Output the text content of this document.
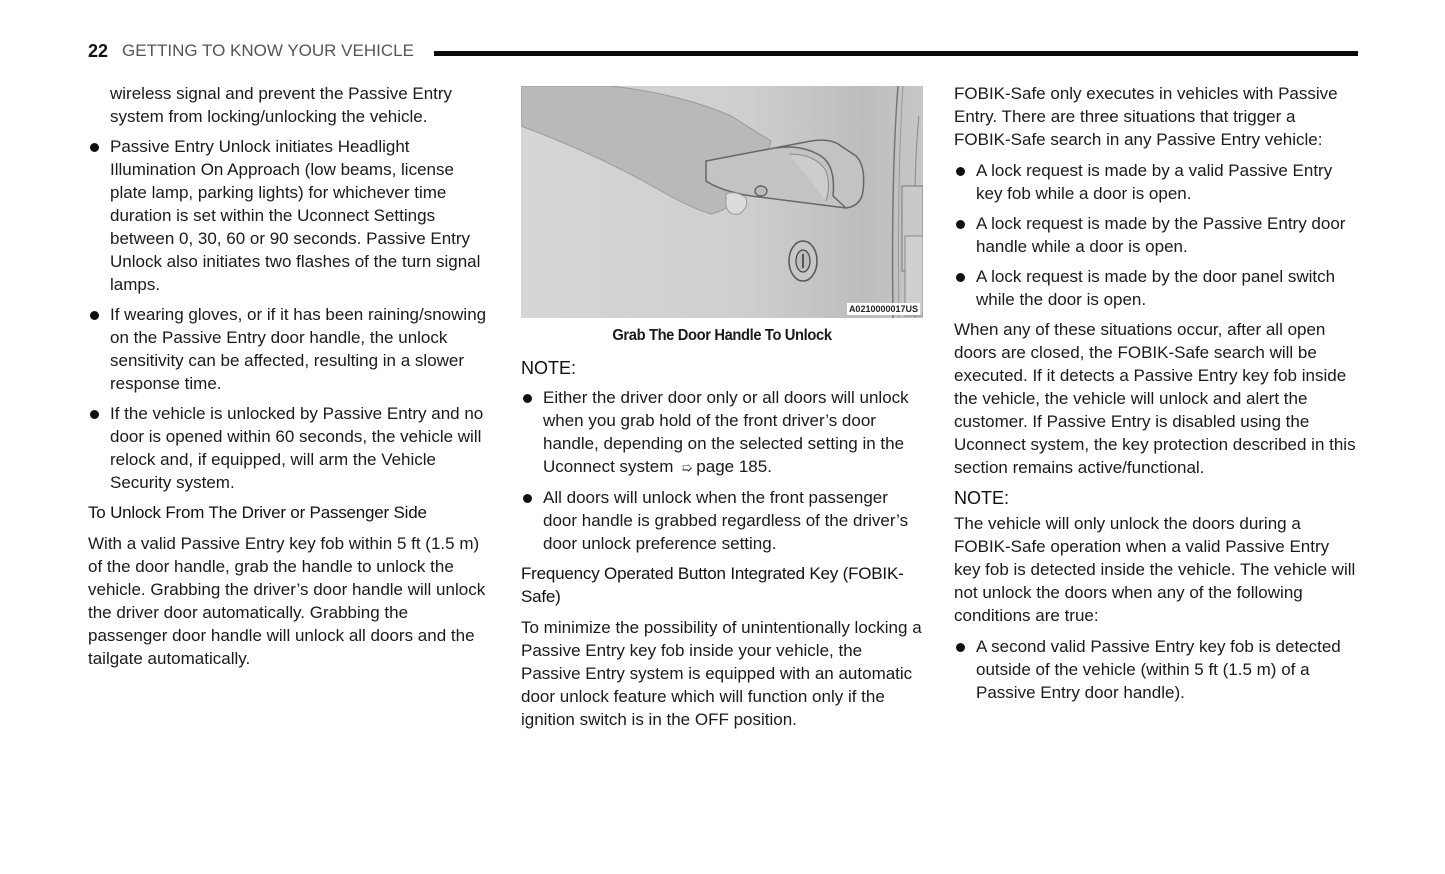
22 GETTING TO KNOW YOUR VEHICLE

wireless signal and prevent the Passive Entry system from locking/unlocking the vehicle.

Passive Entry Unlock initiates Headlight Illumination On Approach (low beams, license plate lamp, parking lights) for whichever time duration is set within the Uconnect Settings between 0, 30, 60 or 90 seconds. Passive Entry Unlock also initiates two flashes of the turn signal lamps.
If wearing gloves, or if it has been raining/snowing on the Passive Entry door handle, the unlock sensitivity can be affected, resulting in a slower response time.
If the vehicle is unlocked by Passive Entry and no door is opened within 60 seconds, the vehicle will relock and, if equipped, will arm the Vehicle Security system.
To Unlock From The Driver or Passenger Side

With a valid Passive Entry key fob within 5 ft (1.5 m) of the door handle, grab the handle to unlock the vehicle. Grabbing the driver’s door handle will unlock the driver door automatically. Grabbing the passenger door handle will unlock all doors and the tailgate automatically.

A0210000017US
Grab The Door Handle To Unlock
NOTE:
Either the driver door only or all doors will unlock when you grab hold of the front driver’s door handle, depending on the selected setting in the Uconnect system ➯ page 185.
All doors will unlock when the front passenger door handle is grabbed regardless of the driver’s door unlock preference setting.
Frequency Operated Button Integrated Key (FOBIK-Safe)

To minimize the possibility of unintentionally locking a Passive Entry key fob inside your vehicle, the Passive Entry system is equipped with an automatic door unlock feature which will function only if the ignition switch is in the OFF position.

FOBIK-Safe only executes in vehicles with Passive Entry. There are three situations that trigger a FOBIK-Safe search in any Passive Entry vehicle:

A lock request is made by a valid Passive Entry key fob while a door is open.
A lock request is made by the Passive Entry door handle while a door is open.
A lock request is made by the door panel switch while the door is open.

When any of these situations occur, after all open doors are closed, the FOBIK-Safe search will be executed. If it detects a Passive Entry key fob inside the vehicle, the vehicle will unlock and alert the customer. If Passive Entry is disabled using the Uconnect system, the key protection described in this section remains active/functional.

NOTE:

The vehicle will only unlock the doors during a FOBIK-Safe operation when a valid Passive Entry key fob is detected inside the vehicle. The vehicle will not unlock the doors when any of the following conditions are true:

A second valid Passive Entry key fob is detected outside of the vehicle (within 5 ft (1.5 m) of a Passive Entry door handle).
